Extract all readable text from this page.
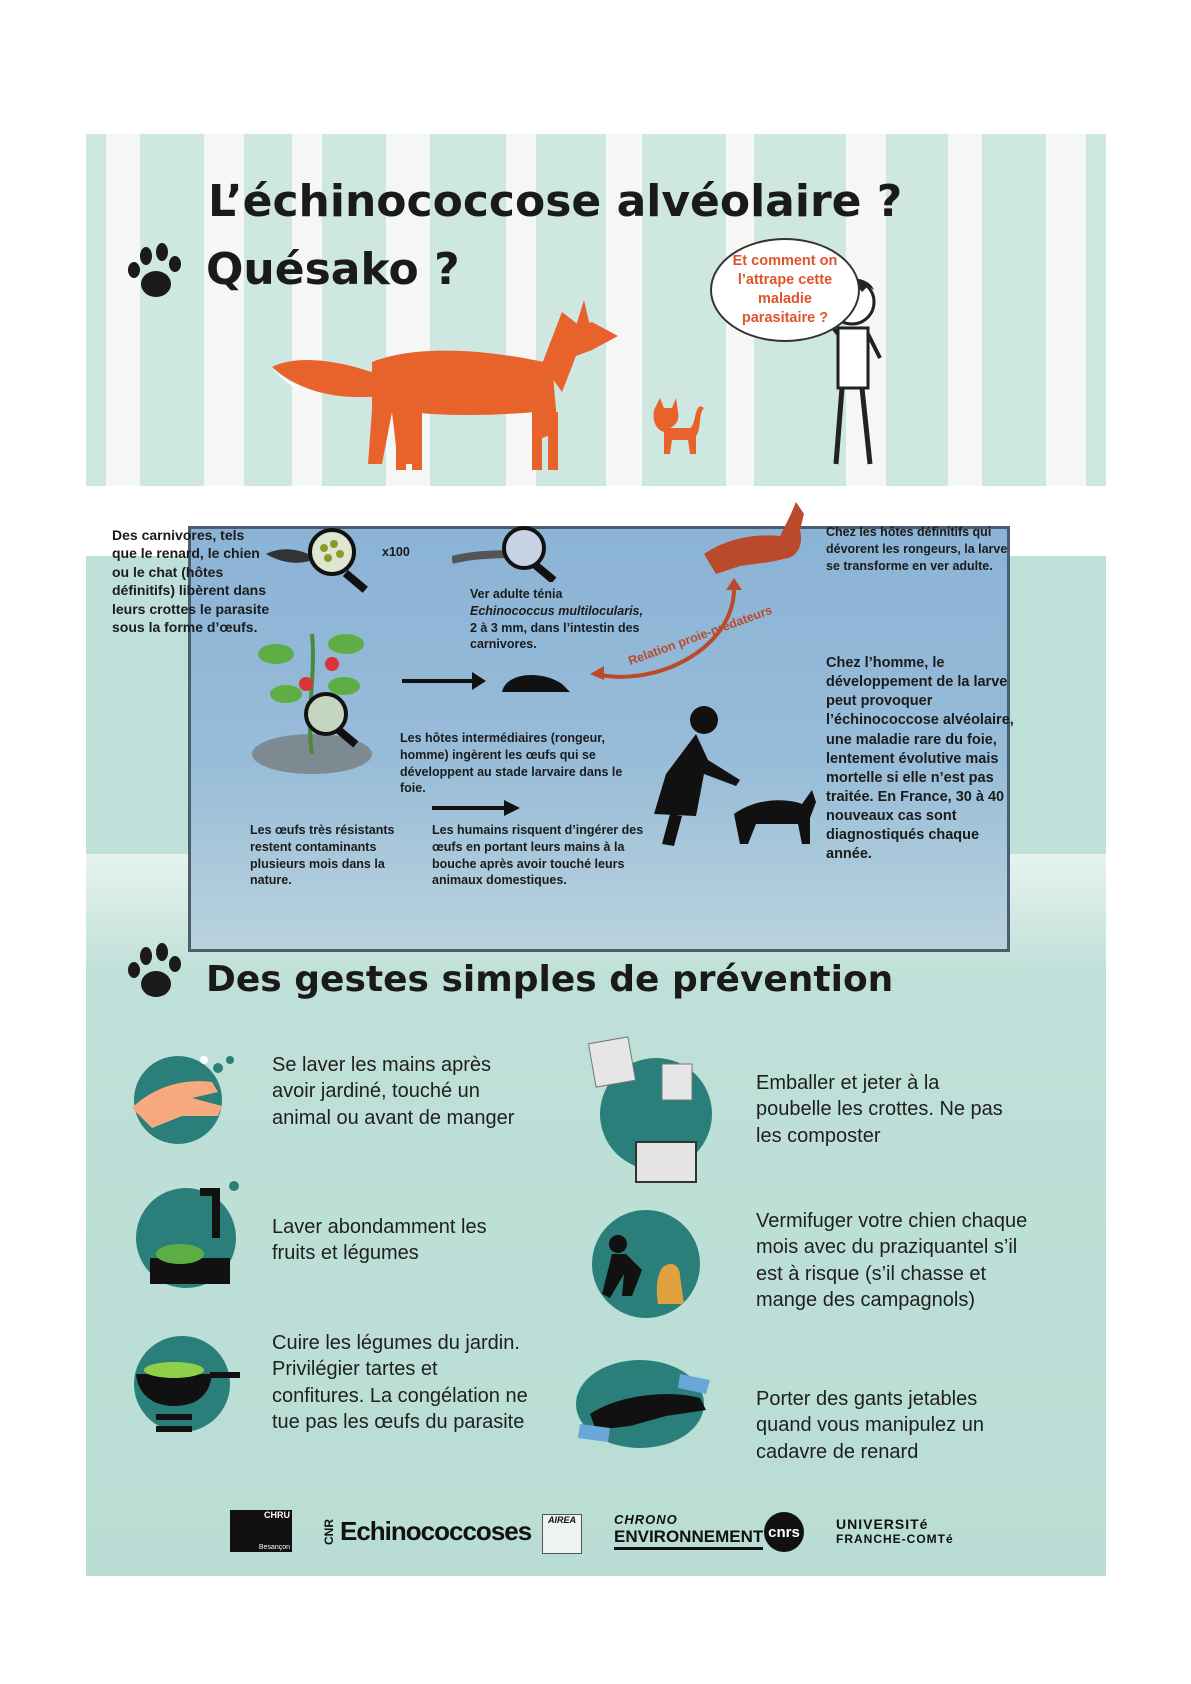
L’échinococcose alvéolaire ?
Quésako ?	Et comment on l’attrape cette maladie parasitaire ?
Des carnivores, tels que le renard, le chien ou le chat (hôtes définitifs) libèrent dans leurs crottes le parasite sous la forme d’œufs.
x100
Ver adulte ténia
Echinococcus multilocularis,
2 à 3 mm, dans l’intestin des carnivores.
Chez les hôtes définitifs qui dévorent les rongeurs, la larve se transforme en ver adulte.
Relation proie-prédateurs	Chez l’homme, le développement de la larve peut provoquer l’échinococcose alvéolaire, une maladie rare du foie, lentement évolutive mais mortelle si elle n’est pas traitée. En France, 30 à 40 nouveaux cas sont diagnostiqués chaque année.
Les hôtes intermédiaires (rongeur, homme) ingèrent les œufs qui se développent au stade larvaire dans le foie.
Les œufs très résistants restent contaminants plusieurs mois dans la nature.
Les humains risquent d’ingérer des œufs en portant leurs mains à la bouche après avoir touché leurs animaux domestiques.
Des gestes simples de prévention
Se laver les mains après avoir jardiné, touché un animal ou avant de manger
Laver abondamment les fruits et légumes
Cuire les légumes du jardin. Privilégier tartes et confitures. La congélation ne tue pas les œufs du parasite
Emballer et jeter à la poubelle les crottes. Ne pas les composter
Vermifuger votre chien chaque mois avec du praziquantel s’il est à risque (s’il chasse et mange des campagnols)
Porter des gants jetables quand vous manipulez un cadavre de renard

CHRU
Besançon
CNR Echinococcoses	AIREA	CHRONO
ENVIRONNEMENT cnrs	UNIVERSITé
FRANCHE-COMTé
